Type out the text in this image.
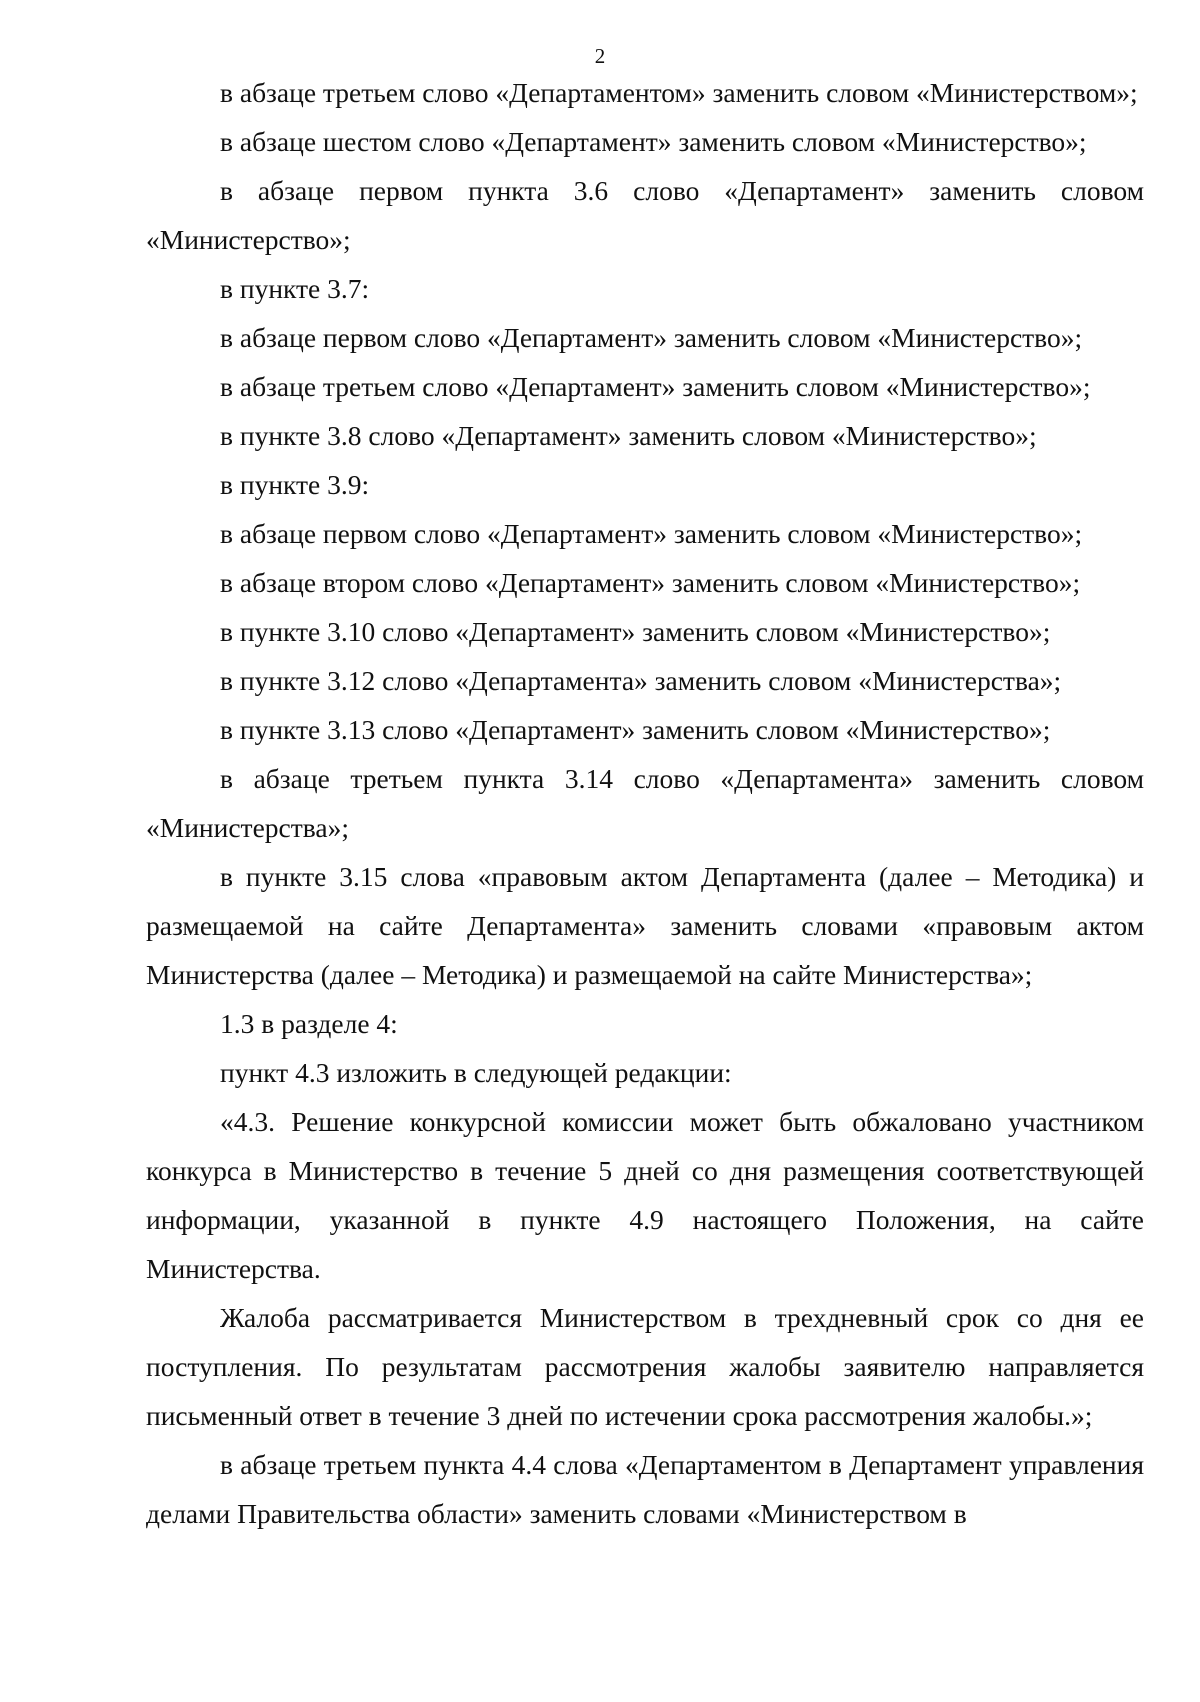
2

в абзаце третьем слово «Департаментом» заменить словом «Министерством»;

в абзаце шестом слово «Департамент» заменить словом «Министерство»;

в абзаце первом пункта 3.6 слово «Департамент» заменить словом «Министерство»;

в пункте 3.7:

в абзаце первом слово «Департамент» заменить словом «Министерство»;

в абзаце третьем слово «Департамент» заменить словом «Министерство»;

в пункте 3.8 слово «Департамент» заменить словом «Министерство»;

в пункте 3.9:

в абзаце первом слово «Департамент» заменить словом «Министерство»;

в абзаце втором слово «Департамент» заменить словом «Министерство»;

в пункте 3.10 слово «Департамент» заменить словом «Министерство»;

в пункте 3.12 слово «Департамента» заменить словом «Министерства»;

в пункте 3.13 слово «Департамент» заменить словом «Министерство»;

в абзаце третьем пункта 3.14 слово «Департамента» заменить словом «Министерства»;

в пункте 3.15 слова «правовым актом Департамента (далее – Методика) и размещаемой на сайте Департамента» заменить словами «правовым актом Министерства (далее – Методика) и размещаемой на сайте Министерства»;

1.3 в разделе 4:

пункт 4.3 изложить в следующей редакции:

«4.3. Решение конкурсной комиссии может быть обжаловано участником конкурса в Министерство в течение 5 дней со дня размещения соответствующей информации, указанной в пункте 4.9 настоящего Положения, на сайте Министерства.

Жалоба рассматривается Министерством в трехдневный срок со дня ее поступления. По результатам рассмотрения жалобы заявителю направляется письменный ответ в течение 3 дней по истечении срока рассмотрения жалобы.»;

в абзаце третьем пункта 4.4 слова «Департаментом в Департамент управления делами Правительства области» заменить словами «Министерством в
